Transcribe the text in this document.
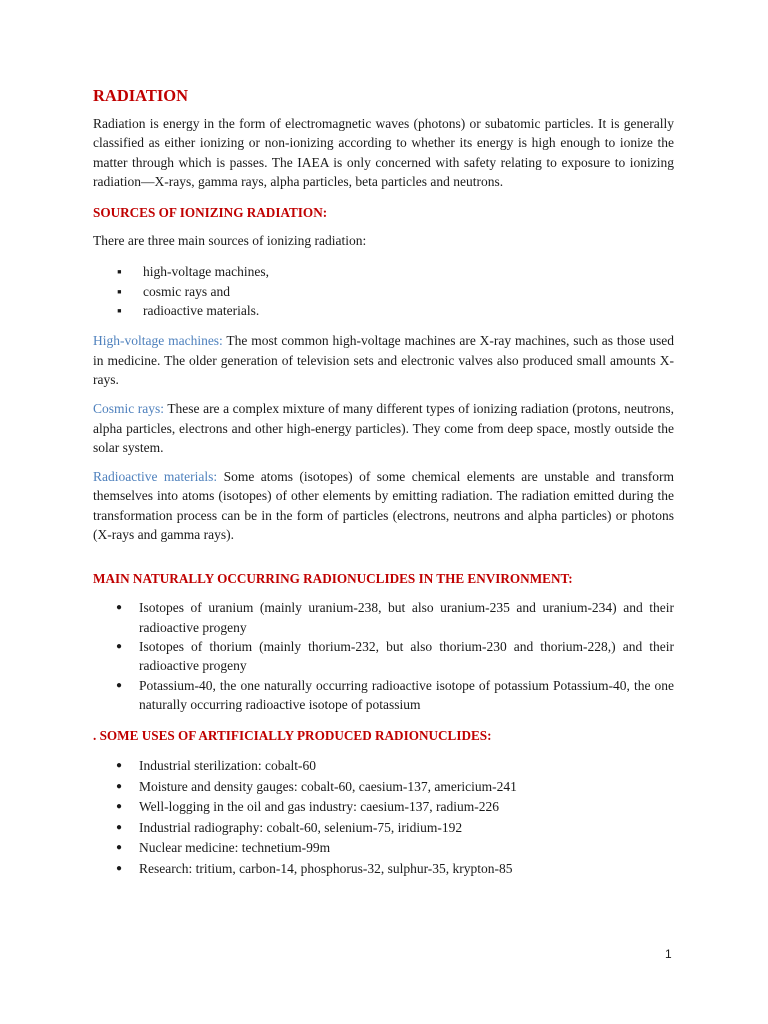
RADIATION

Radiation is energy in the form of electromagnetic waves (photons) or subatomic particles. It is generally classified as either ionizing or non-ionizing according to whether its energy is high enough to ionize the matter through which is passes. The IAEA is only concerned with safety relating to exposure to ionizing radiation—X-rays, gamma rays, alpha particles, beta particles and neutrons.

SOURCES OF IONIZING RADIATION:

There are three main sources of ionizing radiation:

▪ high-voltage machines,
▪ cosmic rays and
▪ radioactive materials.

High-voltage machines: The most common high-voltage machines are X-ray machines, such as those used in medicine. The older generation of television sets and electronic valves also produced small amounts X-rays.

Cosmic rays: These are a complex mixture of many different types of ionizing radiation (protons, neutrons, alpha particles, electrons and other high-energy particles). They come from deep space, mostly outside the solar system.

Radioactive materials: Some atoms (isotopes) of some chemical elements are unstable and transform themselves into atoms (isotopes) of other elements by emitting radiation. The radiation emitted during the transformation process can be in the form of particles (electrons, neutrons and alpha particles) or photons (X-rays and gamma rays).

MAIN NATURALLY OCCURRING RADIONUCLIDES IN THE ENVIRONMENT:
● Isotopes of uranium (mainly uranium-238, but also uranium-235 and uranium-234) and their radioactive progeny
● Isotopes of thorium (mainly thorium-232, but also thorium-230 and thorium-228,) and their radioactive progeny
● Potassium-40, the one naturally occurring radioactive isotope of potassium Potassium-40, the one naturally occurring radioactive isotope of potassium
. SOME USES OF ARTIFICIALLY PRODUCED RADIONUCLIDES:
● Industrial sterilization: cobalt-60
● Moisture and density gauges: cobalt-60, caesium-137, americium-241
● Well-logging in the oil and gas industry: caesium-137, radium-226
● Industrial radiography: cobalt-60, selenium-75, iridium-192
● Nuclear medicine: technetium-99m
● Research: tritium, carbon-14, phosphorus-32, sulphur-35, krypton-85
1
